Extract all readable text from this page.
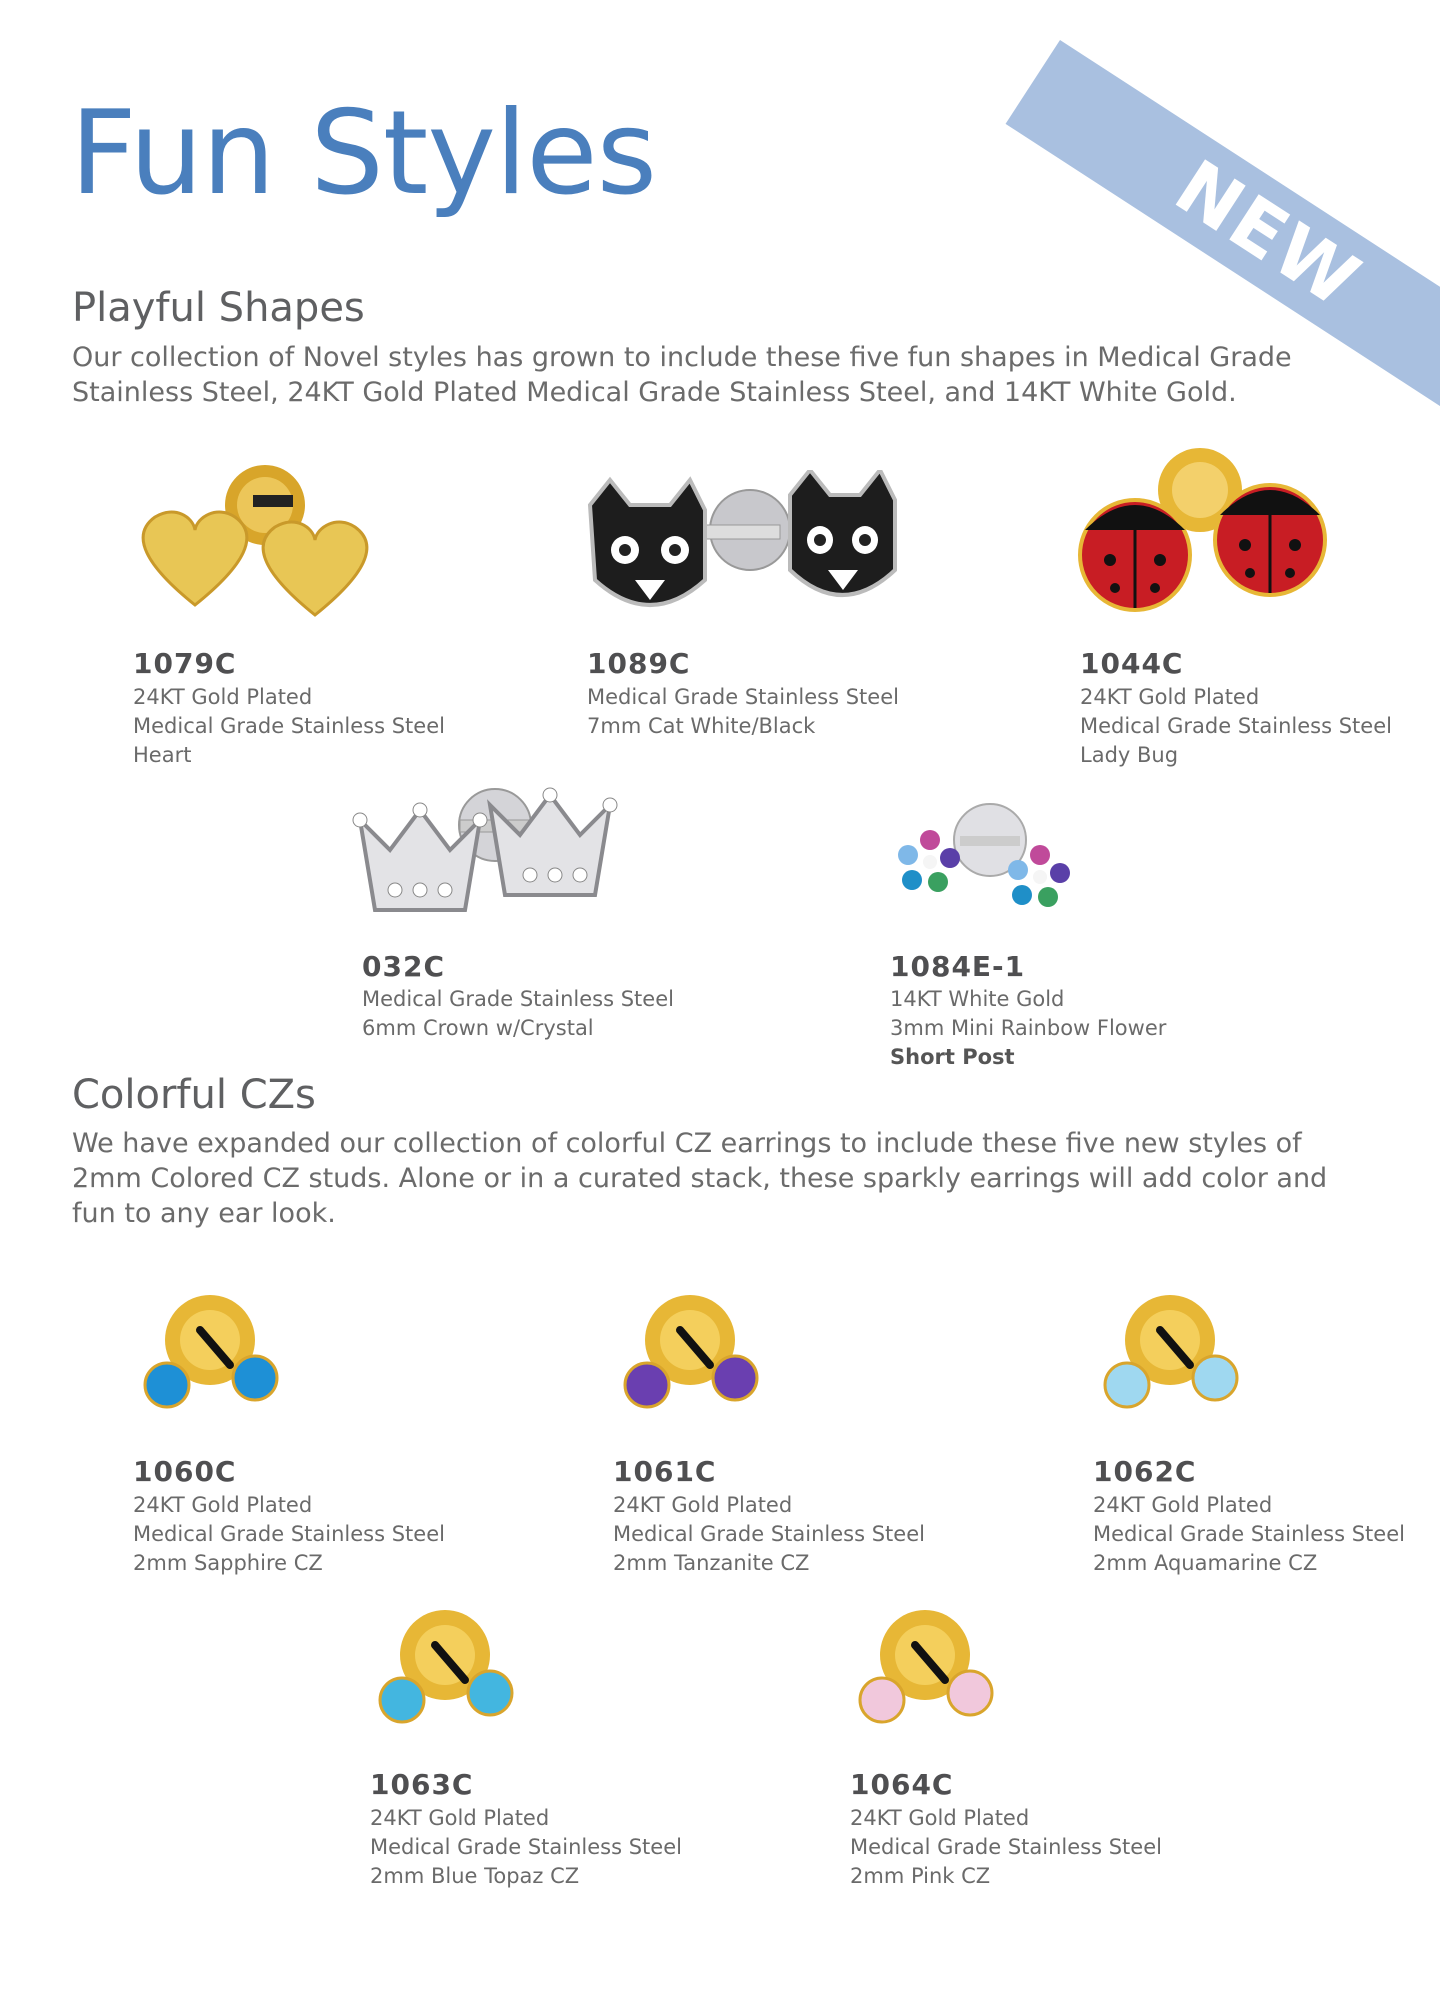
NEW
Fun Styles
Playful Shapes

Our collection of Novel styles has grown to include these five fun shapes in Medical Grade Stainless Steel, 24KT Gold Plated Medical Grade Stainless Steel, and 14KT White Gold.

1079C
24KT Gold Plated
Medical Grade Stainless Steel
Heart
1089C
Medical Grade Stainless Steel
7mm Cat White/Black
1044C
24KT Gold Plated
Medical Grade Stainless Steel
Lady Bug
032C
Medical Grade Stainless Steel
6mm Crown w/Crystal
1084E-1
14KT White Gold
3mm Mini Rainbow Flower
Short Post
Colorful CZs

We have expanded our collection of colorful CZ earrings to include these five new styles of 2mm Colored CZ studs. Alone or in a curated stack, these sparkly earrings will add color and fun to any ear look.

1060C
24KT Gold Plated
Medical Grade Stainless Steel
2mm Sapphire CZ
1061C
24KT Gold Plated
Medical Grade Stainless Steel
2mm Tanzanite CZ
1062C
24KT Gold Plated
Medical Grade Stainless Steel
2mm Aquamarine CZ
1063C
24KT Gold Plated
Medical Grade Stainless Steel
2mm Blue Topaz CZ
1064C
24KT Gold Plated
Medical Grade Stainless Steel
2mm Pink CZ
